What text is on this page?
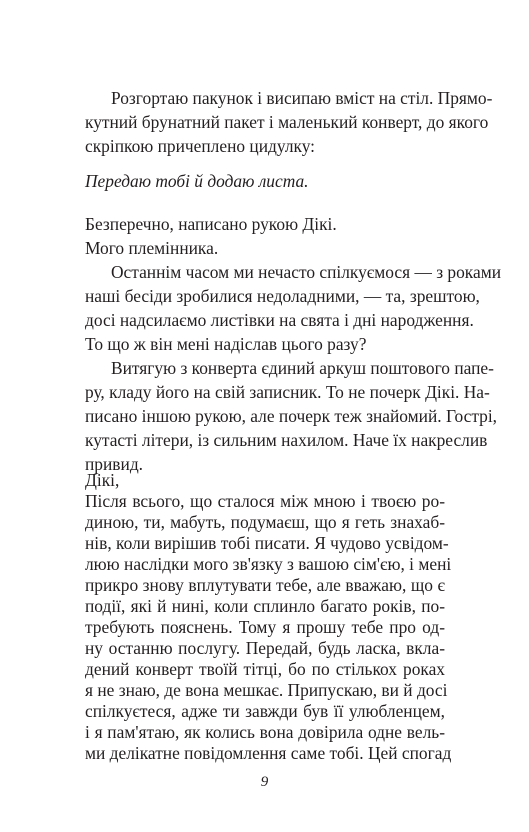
Розгортаю пакунок і висипаю вміст на стіл. Прямо-
кутний брунатний пакет і маленький конверт, до якого
скріпкою причеплено цидулку:
Передаю тобі й додаю листа.
Безперечно, написано рукою Дікі.
Мого племінника.
Останнім часом ми нечасто спілкуємося — з роками
наші бесіди зробилися недоладними, — та, зрештою,
досі надсилаємо листівки на свята і дні народження.
То що ж він мені надіслав цього разу?
Витягую з конверта єдиний аркуш поштового папе-
ру, кладу його на свій записник. То не почерк Дікі. На-
писано іншою рукою, але почерк теж знайомий. Гострі,
кутасті літери, із сильним нахилом. Наче їх накреслив
привид.
Дікі,
Після всього, що сталося між мною і твоєю ро-
диною, ти, мабуть, подумаєш, що я геть знахаб-
нів, коли вирішив тобі писати. Я чудово усвідом-
люю наслідки мого зв'язку з вашою сім'єю, і мені
прикро знову вплутувати тебе, але вважаю, що є
події, які й нині, коли сплинло багато років, по-
требують пояснень. Тому я прошу тебе про од-
ну останню послугу. Передай, будь ласка, вкла-
дений конверт твоїй тітці, бо по стількох роках
я не знаю, де вона мешкає. Припускаю, ви й досі
спілкуєтеся, адже ти завжди був її улюбленцем,
і я пам'ятаю, як колись вона довірила одне вель-
ми делікатне повідомлення саме тобі. Цей спогад
9
